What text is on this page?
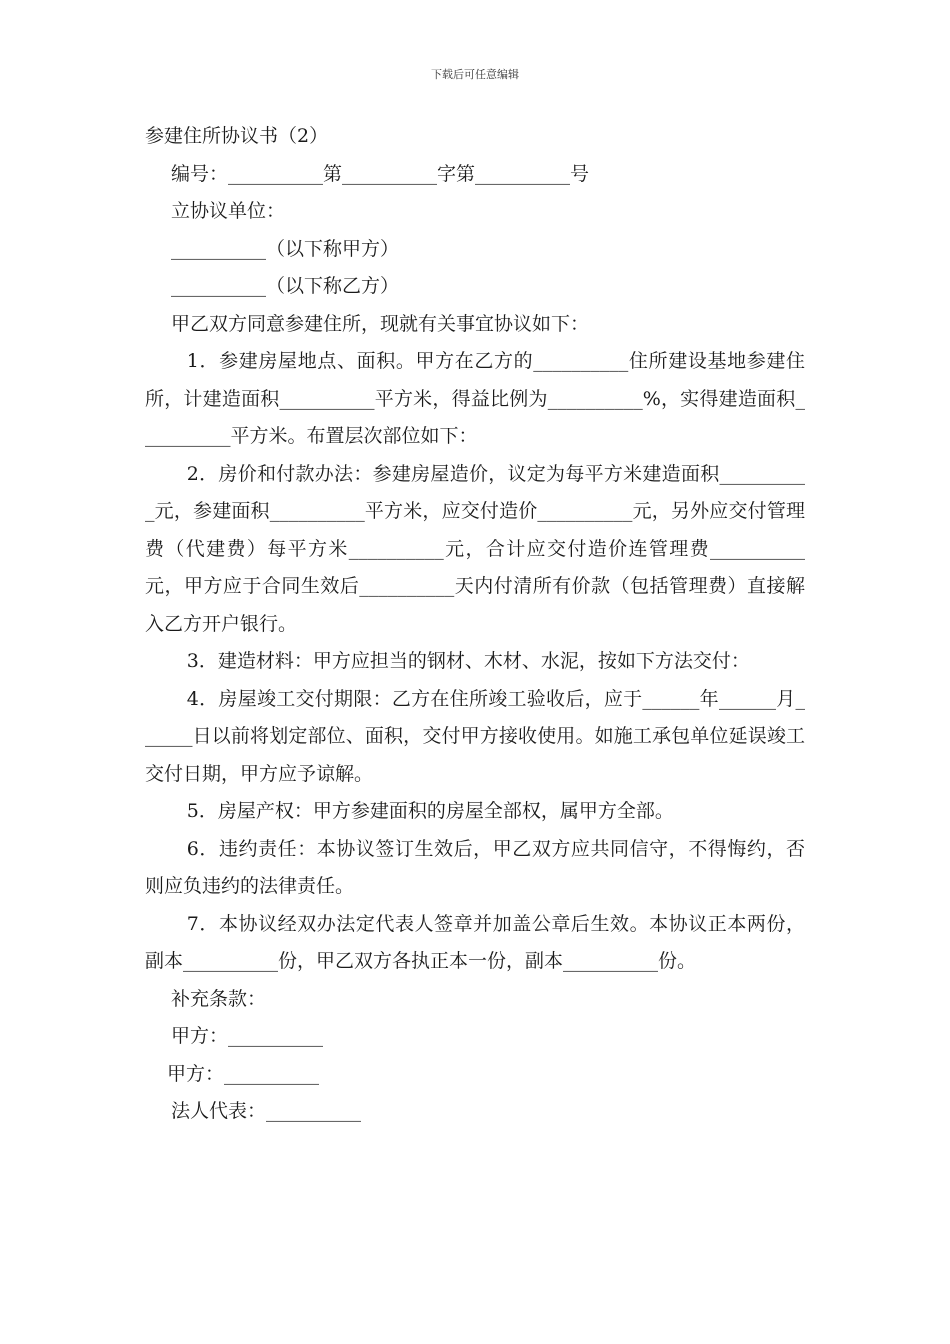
下载后可任意编辑
参建住所协议书（2）
编号：__________第__________字第__________号
立协议单位：
__________（以下称甲方）
__________（以下称乙方）
甲乙双方同意参建住所，现就有关事宜协议如下：
1．参建房屋地点、面积。甲方在乙方的__________住所建设基地参建住所，计建造面积__________平方米，得益比例为__________%，实得建造面积__________平方米。布置层次部位如下：
2．房价和付款办法：参建房屋造价，议定为每平方米建造面积__________元，参建面积__________平方米，应交付造价__________元，另外应交付管理费（代建费）每平方米__________元，合计应交付造价连管理费__________元，甲方应于合同生效后__________天内付清所有价款（包括管理费）直接解入乙方开户银行。
3．建造材料：甲方应担当的钢材、木材、水泥，按如下方法交付：
4．房屋竣工交付期限：乙方在住所竣工验收后，应于______年______月______日以前将划定部位、面积，交付甲方接收使用。如施工承包单位延误竣工交付日期，甲方应予谅解。
5．房屋产权：甲方参建面积的房屋全部权，属甲方全部。
6．违约责任：本协议签订生效后，甲乙双方应共同信守，不得悔约，否则应负违约的法律责任。
7．本协议经双办法定代表人签章并加盖公章后生效。本协议正本两份，副本__________份，甲乙双方各执正本一份，副本__________份。
补充条款：
甲方：__________
甲方：__________
法人代表：__________
